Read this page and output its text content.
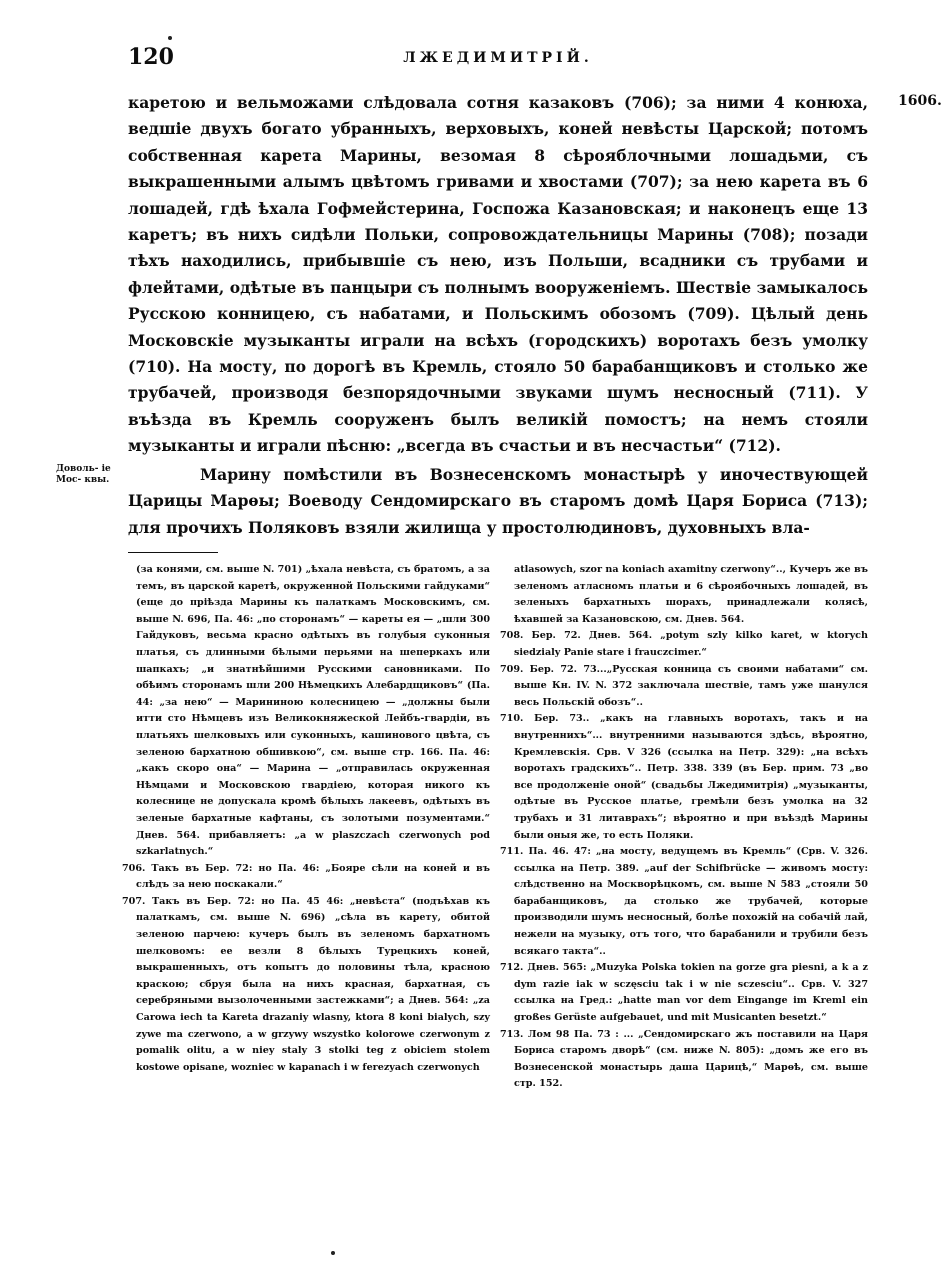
120	ЛЖЕДИМИТРІЙ.
1606.
Доволь- іе Мос- квы.

каретою и вельможами слѣдовала сотня казаковъ (706); за ними 4 конюха, ведшіе двухъ богато убранныхъ, верховыхъ, коней невѣсты Царской; потомъ собственная карета Марины, везомая 8 сѣрояблочными лошадьми, съ выкрашенными алымъ цвѣтомъ гривами и хвостами (707); за нею карета въ 6 лошадей, гдѣ ѣхала Гофмейстерина, Госпожа Казановская; и наконецъ еще 13 каретъ; въ нихъ сидѣли Польки, сопровождательницы Марины (708); позади тѣхъ находились, прибывшіе съ нею, изъ Польши, всадники съ трубами и флейтами, одѣтые въ панцыри съ полнымъ вооруженіемъ. Шествіе замыкалось Русскою конницею, съ набатами, и Польскимъ обозомъ (709). Цѣлый день Московскіе музыканты играли на всѣхъ (городскихъ) воротахъ безъ умолку (710). На мосту, по дорогѣ въ Кремль, стояло 50 барабанщиковъ и столько же трубачей, производя безпорядочными звуками шумъ несносный (711). У въѣзда въ Кремль сооруженъ былъ великій помостъ; на немъ стояли музыканты и играли пѣсню: „всегда въ счастьи и въ несчастьи“ (712).

Марину помѣстили въ Вознесенскомъ монастырѣ у иночествующей Царицы Марѳы; Воеводу Сендомирскаго въ старомъ домѣ Царя Бориса (713); для прочихъ Поляковъ взяли жилища у простолюдиновъ, духовныхъ вла-

(за конями, см. выше N. 701) „ѣхала невѣста, съ братомъ, а за темъ, въ царской каретѣ, окруженной Польскими гайдуками“ (еще до пріѣзда Марины къ палаткамъ Московскимъ, см. выше N. 696, Па. 46: „по сторонамъ“ — кареты ея — „шли 300 Гайдуковъ, весьма красно одѣтыхъ въ голубыя суконныя платья, съ длинными бѣлыми перьями на шеперкахъ или шапкахъ; „и знатнѣйшими Русскими сановниками. По обѣимъ сторонамъ шли 200 Нѣмецкихъ Алебардщиковъ“ (Па. 44: „за нею“ — Марининою колесницею — „должны были итти сто Нѣмцевъ изъ Великокняжеской Лейбъ-гвардіи, въ платьяхъ шелковыхъ или суконныхъ, кашинового цвѣта, съ зеленою бархатною обшивкою“, см. выше стр. 166. Па. 46: „какъ скоро она“ — Марина — „отправилась окруженная Нѣмцами и Московскою гвардіею, которая никого къ колеснице не допускала кромѣ бѣлыхъ лакеевъ, одѣтыхъ въ зеленые бархатные кафтаны, съ золотыми позументами.“ Днев. 564. прибавляетъ: „a w plaszczach czerwonych pod szkarlatnych.“

706. Такъ въ Бер. 72: но Па. 46: „Бояре сѣли на коней и въ слѣдъ за нею поскакали.“

707. Такъ въ Бер. 72: но Па. 45 46: „невѣста“ (подъѣхав къ палаткамъ, см. выше N. 696) „сѣла въ карету, обитой зеленою парчею: кучеръ былъ въ зеленомъ бархатномъ шелковомъ: ее везли 8 бѣлыхъ Турецкихъ коней, выкрашенныхъ, отъ копытъ до половины тѣла, красною краскою; сбруя была на нихъ красная, бархатная, съ серебряными вызолоченными застежками“; а Днев. 564: „za Carowa iech ta Kareta drazaniy wlasny, ktora 8 koni bialych, szy zywe ma czerwono, a w grzywy wszystko kolorowe czerwonym z pomalik olitu, a w niey staly 3 stolki teg z obiciem stolem kostowe opisane, wozniec w kapanach i w ferezyach czerwonych

atlasowych, szor na koniach axamitny czerwony“.., Кучеръ же въ зеленомъ атласномъ платьи и 6 сѣроябочныхъ лошадей, въ зеленыхъ бархатныхъ шорахъ, принадлежали колясѣ, ѣхавшей за Казановскою, см. Днев. 564.

708. Бер. 72. Днев. 564. „potym szly kilko karet, w ktorych siedzialy Panie stare i frauczcimer.“

709. Бер. 72. 73...„Русская конница съ своими набатами“ см. выше Кн. IV. N. 372 заключала шествіе, тамъ уже шанулся весь Польскій обозъ“..

710. Бер. 73.. „какъ на главныхъ воротахъ, такъ и на внутреннихъ“... внутренними называются здѣсь, вѣроятно, Кремлевскія. Срв. V 326 (ссылка на Петр. 329): „на всѣхъ воротахъ градскихъ“.. Петр. 338. 339 (въ Бер. прим. 73 „во все продолженіе оной“ (свадьбы Лжедимитрія) „музыканты, одѣтые въ Русское платье, гремѣли безъ умолка на 32 трубахъ и 31 литаврахъ“; вѣроятно и при въѣздѣ Марины были оныя же, то есть Поляки.

711. Па. 46. 47: „на мосту, ведущемъ въ Кремль“ (Срв. V. 326. ссылка на Петр. 389. „auf der Schifbrücke — живомъ мосту: слѣдственно на Москворѣцкомъ, см. выше N 583 „стояли 50 барабанщиковъ, да столько же трубачей, которые производили шумъ несносный, болѣе похожій на собачій лай, нежели на музыку, отъ того, что барабанили и трубили безъ всякаго такта“..

712. Днев. 565: „Muzyka Polska tokien na gorze gra piesni, a k a z dym razie iak w sczęsciu tak i w nie sczesciu“.. Срв. V. 327 ссылка на Гред.: „hatte man vor dem Eingange im Kreml ein großes Gerüste aufgebauet, und mit Musicanten besetzt.“

713. Лом 98 Па. 73 : ... „Сендомирскаго жъ поставили на Царя Бориса старомъ дворѣ“ (см. ниже N. 805): „домъ же его въ Вознесенской монастырь даша Царицѣ,“ Марѳѣ, см. выше стр. 152.
